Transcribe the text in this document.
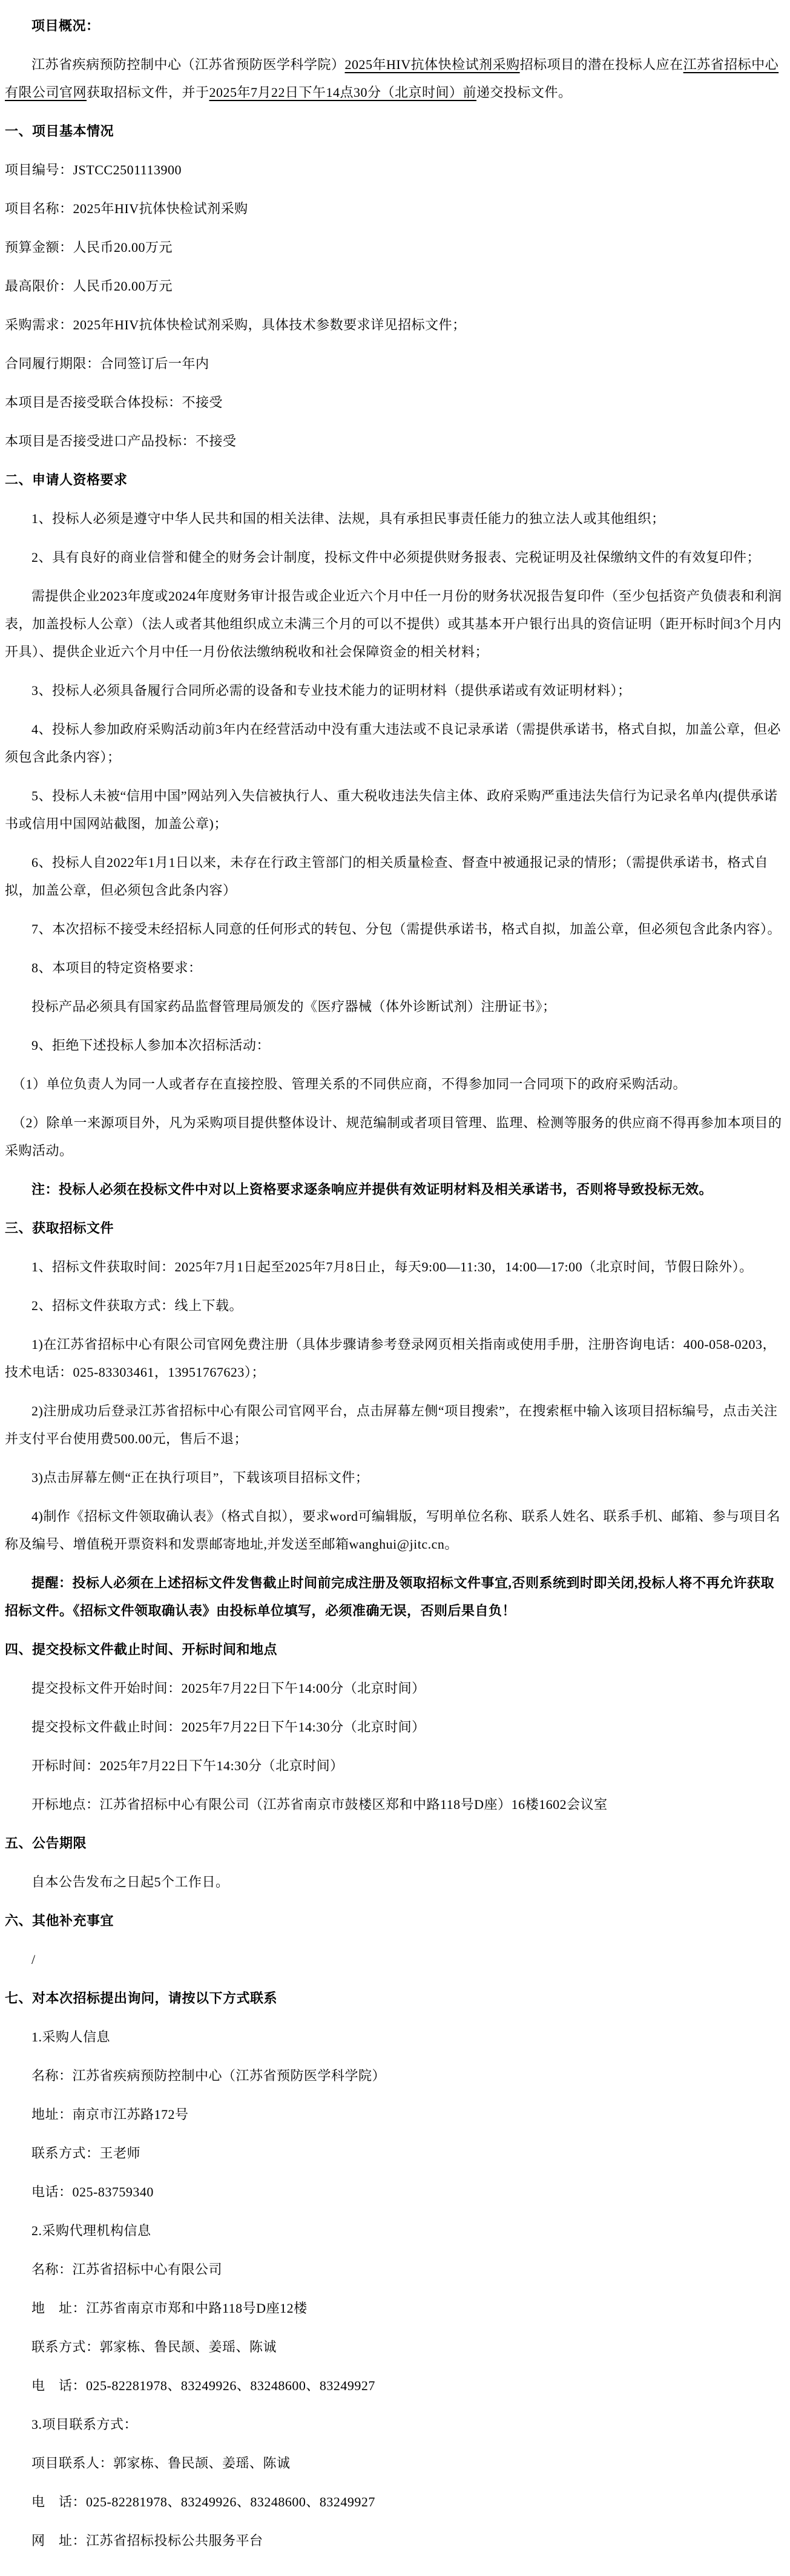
项目概况：

江苏省疾病预防控制中心（江苏省预防医学科学院）2025年HIV抗体快检试剂采购招标项目的潜在投标人应在江苏省招标中心有限公司官网获取招标文件，并于2025年7月22日下午14点30分（北京时间）前递交投标文件。

一、项目基本情况

项目编号：JSTCC2501113900

项目名称：2025年HIV抗体快检试剂采购

预算金额：人民币20.00万元

最高限价：人民币20.00万元

采购需求：2025年HIV抗体快检试剂采购，具体技术参数要求详见招标文件；

合同履行期限：合同签订后一年内

本项目是否接受联合体投标：不接受

本项目是否接受进口产品投标：不接受

二、申请人资格要求

1、投标人必须是遵守中华人民共和国的相关法律、法规，具有承担民事责任能力的独立法人或其他组织；

2、具有良好的商业信誉和健全的财务会计制度，投标文件中必须提供财务报表、完税证明及社保缴纳文件的有效复印件；

需提供企业2023年度或2024年度财务审计报告或企业近六个月中任一月份的财务状况报告复印件（至少包括资产负债表和利润表，加盖投标人公章）（法人或者其他组织成立未满三个月的可以不提供）或其基本开户银行出具的资信证明（距开标时间3个月内开具）、提供企业近六个月中任一月份依法缴纳税收和社会保障资金的相关材料；

3、投标人必须具备履行合同所必需的设备和专业技术能力的证明材料（提供承诺或有效证明材料）；

4、投标人参加政府采购活动前3年内在经营活动中没有重大违法或不良记录承诺（需提供承诺书，格式自拟，加盖公章，但必须包含此条内容）；

5、投标人未被“信用中国”网站列入失信被执行人、重大税收违法失信主体、政府采购严重违法失信行为记录名单内(提供承诺书或信用中国网站截图，加盖公章)；

6、投标人自2022年1月1日以来，未存在行政主管部门的相关质量检查、督查中被通报记录的情形；（需提供承诺书，格式自拟，加盖公章，但必须包含此条内容）

7、本次招标不接受未经招标人同意的任何形式的转包、分包（需提供承诺书，格式自拟，加盖公章，但必须包含此条内容）。

8、本项目的特定资格要求：

投标产品必须具有国家药品监督管理局颁发的《医疗器械（体外诊断试剂）注册证书》；

9、拒绝下述投标人参加本次招标活动：

（1）单位负责人为同一人或者存在直接控股、管理关系的不同供应商，不得参加同一合同项下的政府采购活动。

（2）除单一来源项目外，凡为采购项目提供整体设计、规范编制或者项目管理、监理、检测等服务的供应商不得再参加本项目的采购活动。

注：投标人必须在投标文件中对以上资格要求逐条响应并提供有效证明材料及相关承诺书，否则将导致投标无效。

三、获取招标文件

1、招标文件获取时间：2025年7月1日起至2025年7月8日止，每天9:00—11:30，14:00—17:00（北京时间，节假日除外）。

2、招标文件获取方式：线上下载。

1)在江苏省招标中心有限公司官网免费注册（具体步骤请参考登录网页相关指南或使用手册，注册咨询电话：400-058-0203，技术电话：025-83303461，13951767623）；

2)注册成功后登录江苏省招标中心有限公司官网平台，点击屏幕左侧“项目搜索”，在搜索框中输入该项目招标编号，点击关注并支付平台使用费500.00元，售后不退；

3)点击屏幕左侧“正在执行项目”，下载该项目招标文件；

4)制作《招标文件领取确认表》（格式自拟），要求word可编辑版，写明单位名称、联系人姓名、联系手机、邮箱、参与项目名称及编号、增值税开票资料和发票邮寄地址,并发送至邮箱wanghui@jitc.cn。

提醒：投标人必须在上述招标文件发售截止时间前完成注册及领取招标文件事宜,否则系统到时即关闭,投标人将不再允许获取招标文件。《招标文件领取确认表》由投标单位填写，必须准确无误，否则后果自负！

四、提交投标文件截止时间、开标时间和地点

提交投标文件开始时间：2025年7月22日下午14:00分（北京时间）

提交投标文件截止时间：2025年7月22日下午14:30分（北京时间）

开标时间：2025年7月22日下午14:30分（北京时间）

开标地点：江苏省招标中心有限公司（江苏省南京市鼓楼区郑和中路118号D座）16楼1602会议室

五、公告期限

自本公告发布之日起5个工作日。

六、其他补充事宜

/

七、对本次招标提出询问，请按以下方式联系

1.采购人信息

名称：江苏省疾病预防控制中心（江苏省预防医学科学院）

地址：南京市江苏路172号

联系方式：王老师

电话：025-83759340

2.采购代理机构信息

名称：江苏省招标中心有限公司

地　址：江苏省南京市郑和中路118号D座12楼

联系方式：郭家栋、鲁民颉、姜瑶、陈诚

电　话：025-82281978、83249926、83248600、83249927

3.项目联系方式：

项目联系人：郭家栋、鲁民颉、姜瑶、陈诚

电　话：025-82281978、83249926、83248600、83249927

网　址：江苏省招标投标公共服务平台
